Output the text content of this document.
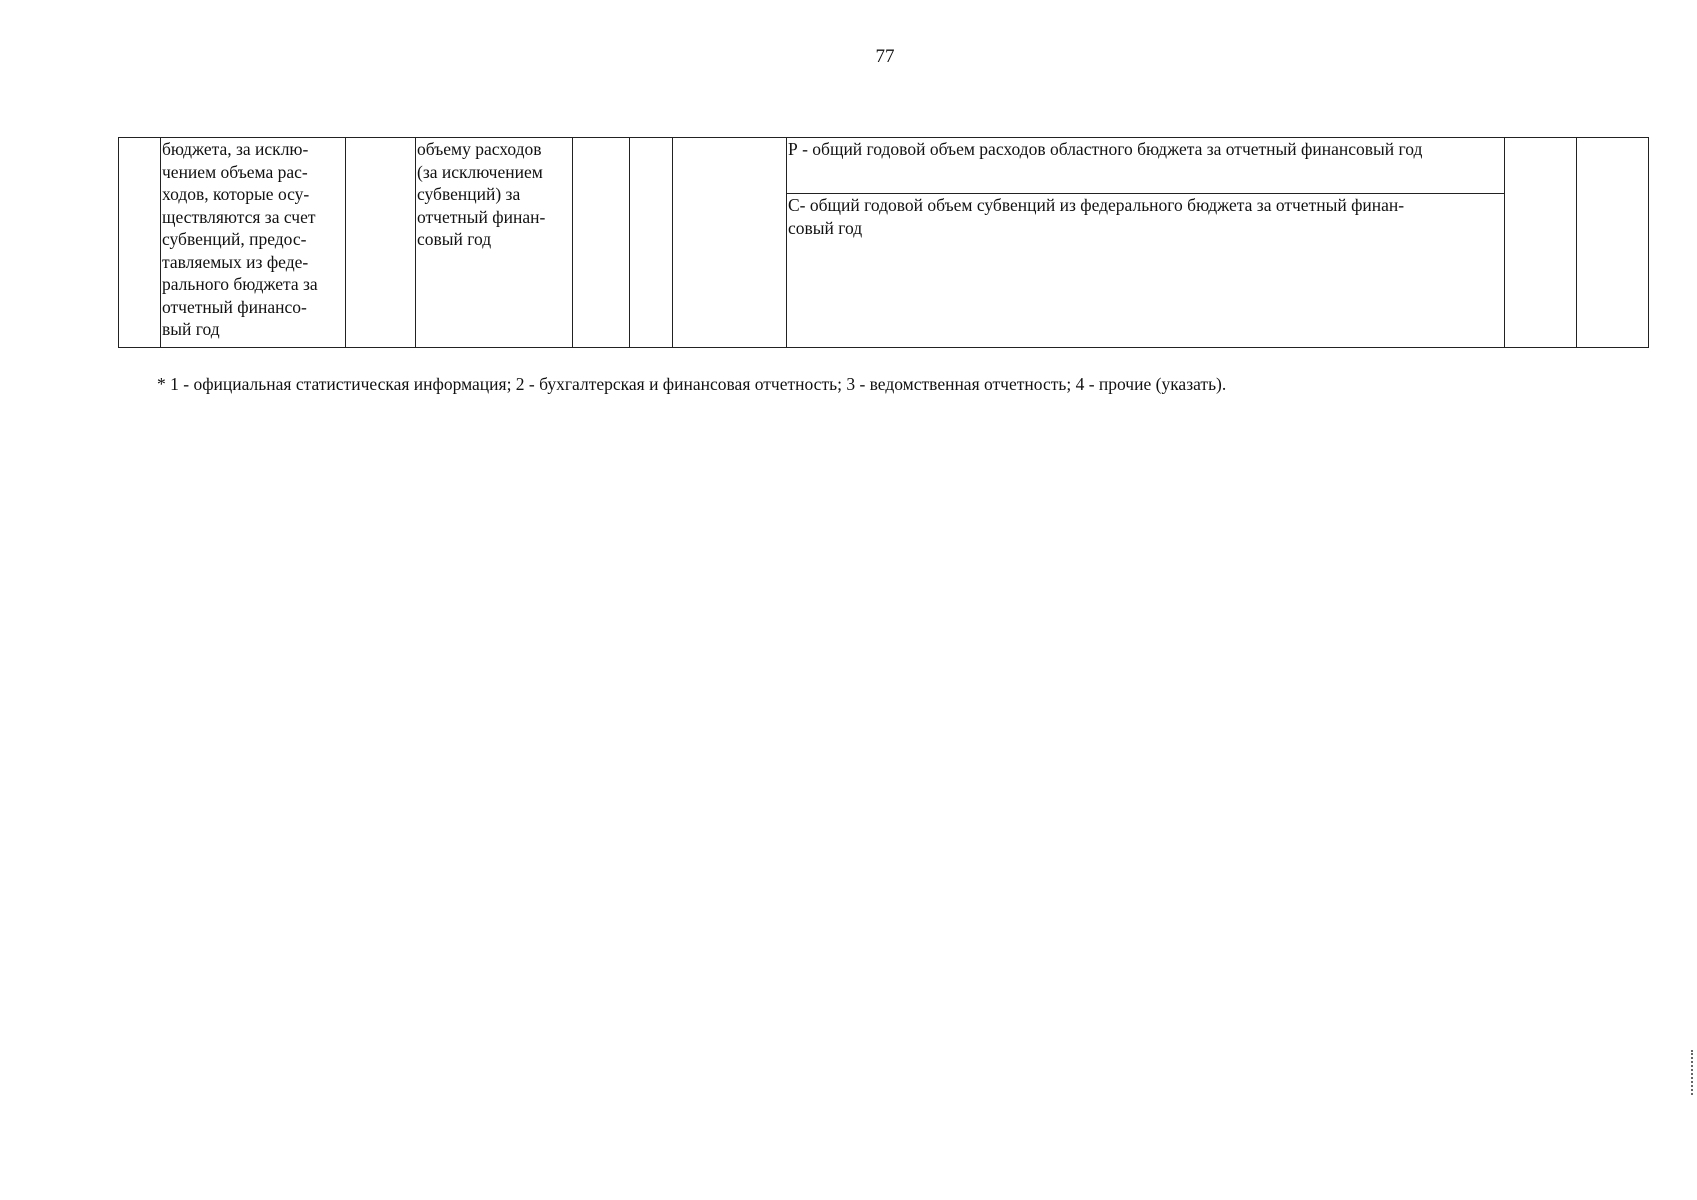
77
	бюджета, за исклю-
чением объема рас-
ходов, которые осу-
ществляются за счет
субвенций, предос-
тавляемых из феде-
рального бюджета за
отчетный финансо-
вый год		объему расходов
(за исключением
субвенций) за
отчетный финан-
совый год				Р - общий годовой объем расходов областного бюджета за отчетный финансовый год		
С- общий годовой объем субвенций из федерального бюджета за отчетный финан-
совый год
* 1 - официальная статистическая информация; 2 - бухгалтерская и финансовая отчетность; 3 - ведомственная отчетность; 4 - прочие (указать).
